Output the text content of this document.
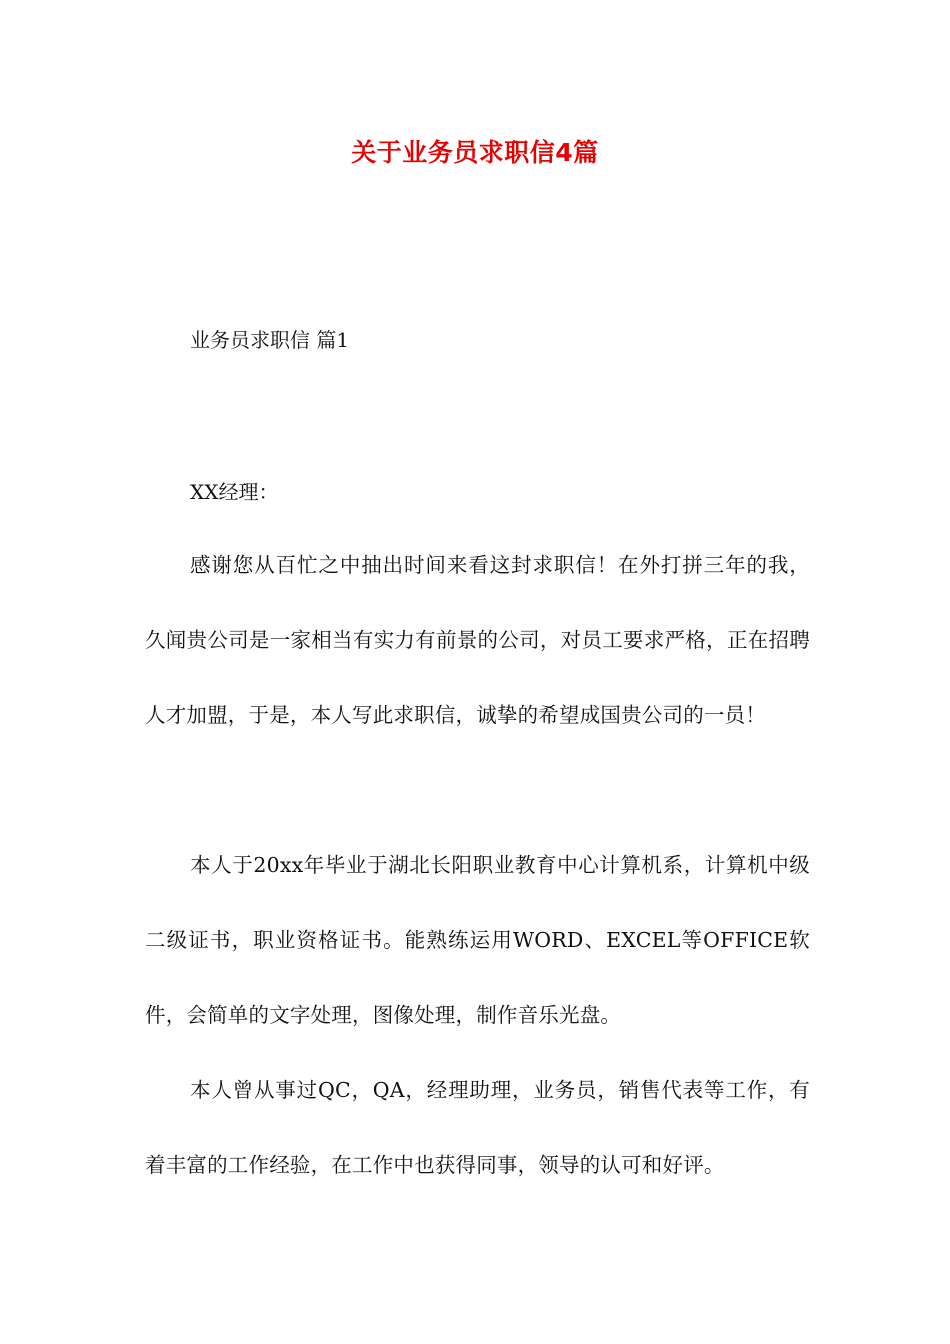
关于业务员求职信4篇
业务员求职信 篇1
XX经理：

感谢您从百忙之中抽出时间来看这封求职信！在外打拼三年的我，久闻贵公司是一家相当有实力有前景的公司，对员工要求严格，正在招聘人才加盟，于是，本人写此求职信，诚挚的希望成国贵公司的一员！

本人于20xx年毕业于湖北长阳职业教育中心计算机系，计算机中级二级证书，职业资格证书。能熟练运用WORD、EXCEL等OFFICE软件，会简单的文字处理，图像处理，制作音乐光盘。

本人曾从事过QC，QA，经理助理，业务员，销售代表等工作，有着丰富的工作经验，在工作中也获得同事，领导的认可和好评。
